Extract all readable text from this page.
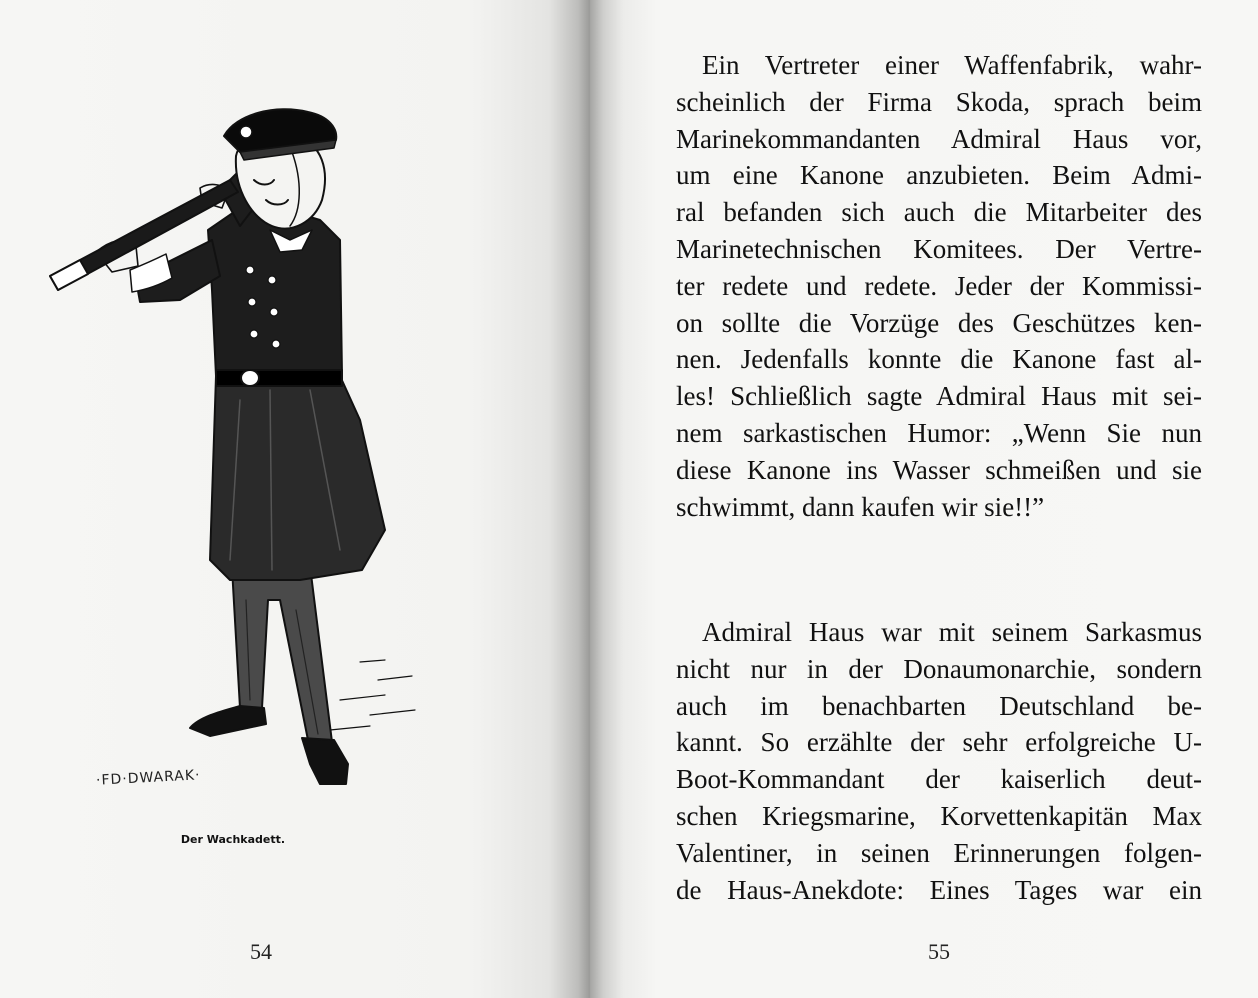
·FD·DWARAK·
Der Wachkadett.
54

Ein Vertreter einer Waffenfabrik, wahr-
scheinlich der Firma Skoda, sprach beim
Marinekommandanten Admiral Haus vor,
um eine Kanone anzubieten. Beim Admi-
ral befanden sich auch die Mitarbeiter des
Marinetechnischen Komitees. Der Vertre-
ter redete und redete. Jeder der Kommissi-
on sollte die Vorzüge des Geschützes ken-
nen. Jedenfalls konnte die Kanone fast al-
les! Schließlich sagte Admiral Haus mit sei-
nem sarkastischen Humor: „Wenn Sie nun
diese Kanone ins Wasser schmeißen und sie
schwimmt, dann kaufen wir sie!!”

Admiral Haus war mit seinem Sarkasmus
nicht nur in der Donaumonarchie, sondern
auch im benachbarten Deutschland be-
kannt. So erzählte der sehr erfolgreiche U-
Boot-Kommandant der kaiserlich deut-
schen Kriegsmarine, Korvettenkapitän Max
Valentiner, in seinen Erinnerungen folgen-
de Haus-Anekdote: Eines Tages war ein

55
